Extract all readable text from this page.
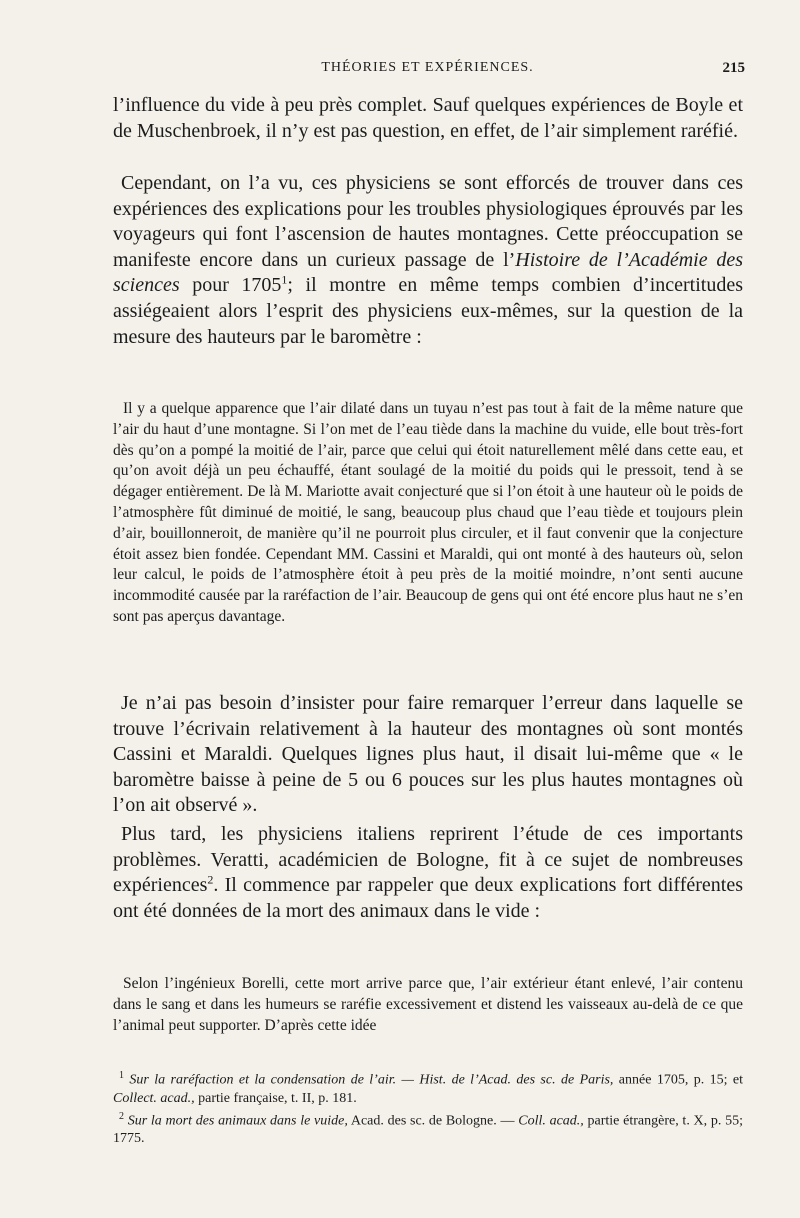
THÉORIES ET EXPÉRIENCES.	215

l’influence du vide à peu près complet. Sauf quelques expériences de Boyle et de Muschenbroek, il n’y est pas question, en effet, de l’air simplement raréfié.

Cependant, on l’a vu, ces physiciens se sont efforcés de trouver dans ces expériences des explications pour les troubles physiologiques éprouvés par les voyageurs qui font l’ascension de hautes montagnes. Cette préoccupation se manifeste encore dans un curieux passage de l’Histoire de l’Académie des sciences pour 1705$^1$; il montre en même temps combien d’incertitudes assiégeaient alors l’esprit des physiciens eux-mêmes, sur la question de la mesure des hauteurs par le baromètre :

Il y a quelque apparence que l’air dilaté dans un tuyau n’est pas tout à fait de la même nature que l’air du haut d’une montagne. Si l’on met de l’eau tiède dans la machine du vuide, elle bout très-fort dès qu’on a pompé la moitié de l’air, parce que celui qui étoit naturellement mêlé dans cette eau, et qu’on avoit déjà un peu échauffé, étant soulagé de la moitié du poids qui le pressoit, tend à se dégager entièrement. De là M. Mariotte avait conjecturé que si l’on étoit à une hauteur où le poids de l’atmosphère fût diminué de moitié, le sang, beaucoup plus chaud que l’eau tiède et toujours plein d’air, bouillonneroit, de manière qu’il ne pourroit plus circuler, et il faut convenir que la conjecture étoit assez bien fondée. Cependant MM. Cassini et Maraldi, qui ont monté à des hauteurs où, selon leur calcul, le poids de l’atmosphère étoit à peu près de la moitié moindre, n’ont senti aucune incommodité causée par la raréfaction de l’air. Beaucoup de gens qui ont été encore plus haut ne s’en sont pas aperçus davantage.

Je n’ai pas besoin d’insister pour faire remarquer l’erreur dans laquelle se trouve l’écrivain relativement à la hauteur des montagnes où sont montés Cassini et Maraldi. Quelques lignes plus haut, il disait lui-même que « le baromètre baisse à peine de 5 ou 6 pouces sur les plus hautes montagnes où l’on ait observé ».

Plus tard, les physiciens italiens reprirent l’étude de ces importants problèmes. Veratti, académicien de Bologne, fit à ce sujet de nombreuses expériences$^2$. Il commence par rappeler que deux explications fort différentes ont été données de la mort des animaux dans le vide :

Selon l’ingénieux Borelli, cette mort arrive parce que, l’air extérieur étant enlevé, l’air contenu dans le sang et dans les humeurs se raréfie excessivement et distend les vaisseaux au-delà de ce que l’animal peut supporter. D’après cette idée

$^1$ Sur la raréfaction et la condensation de l’air. — Hist. de l’Acad. des sc. de Paris, année 1705, p. 15; et Collect. acad., partie française, t. II, p. 181.

$^2$ Sur la mort des animaux dans le vuide, Acad. des sc. de Bologne. — Coll. acad., partie étrangère, t. X, p. 55; 1775.
